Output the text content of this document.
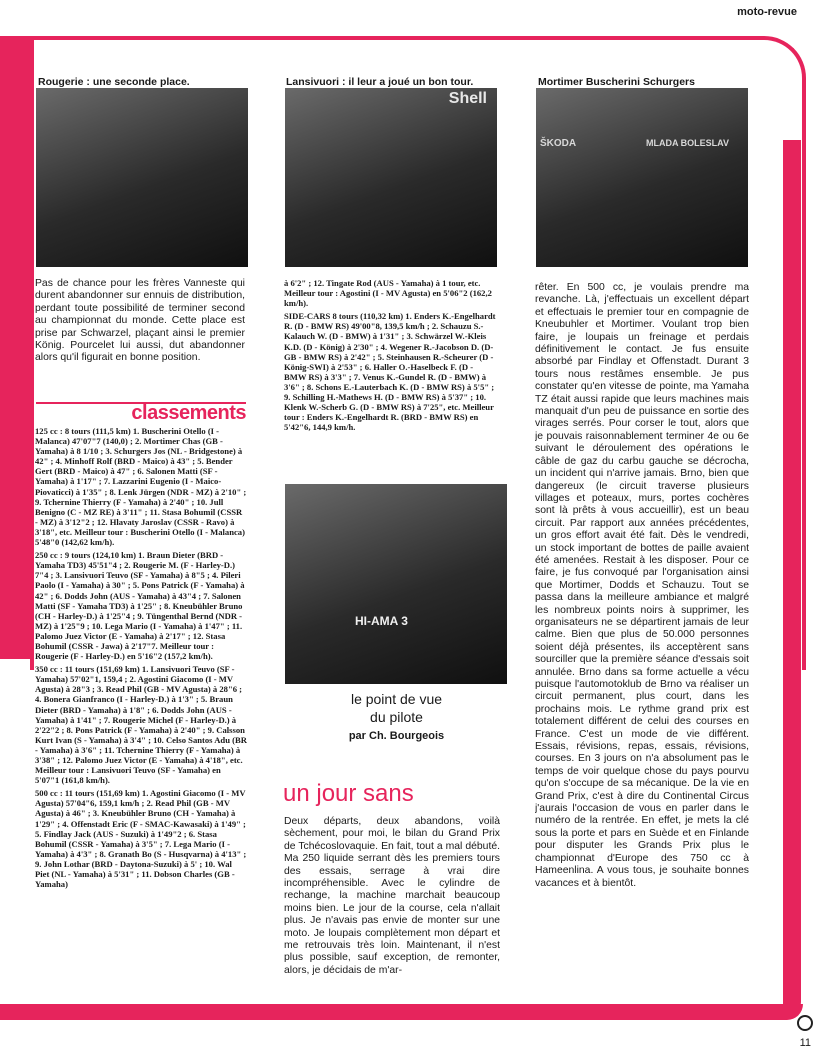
moto-revue
Rougerie : une seconde place.	Lansivuori : il leur a joué un bon tour.	Mortimer Buscherini Schurgers
Shell
ŠKODA	MLADA BOLESLAV
Pas de chance pour les frères Vanneste qui durent abandonner sur ennuis de distribution, perdant toute possibilité de terminer second au championnat du monde. Cette place est prise par Schwarzel, plaçant ainsi le premier König. Pourcelet lui aussi, dut abandonner alors qu'il figurait en bonne position.
classements

125 cc : 8 tours (111,5 km) 1. Buscherini Otello (I - Malanca) 47'07"7 (140,0) ; 2. Mortimer Chas (GB - Yamaha) à 8 1/10 ; 3. Schurgers Jos (NL - Bridgestone) à 42" ; 4. Minhoff Rolf (BRD - Maico) à 43" ; 5. Bender Gert (BRD - Maico) à 47" ; 6. Salonen Matti (SF - Yamaha) à 1'17" ; 7. Lazzarini Eugenio (I - Maico-Piovaticci) à 1'35" ; 8. Lenk Jürgen (NDR - MZ) à 2'10" ; 9. Tchernine Thierry (F - Yamaha) à 2'40" ; 10. Jull Benigno (C - MZ RE) à 3'11" ; 11. Stasa Bohumil (CSSR - MZ) à 3'12"2 ; 12. Hlavaty Jaroslav (CSSR - Ravo) à 3'18", etc. Meilleur tour : Buscherini Otello (I - Malanca) 5'48"0 (142,62 km/h).

250 cc : 9 tours (124,10 km) 1. Braun Dieter (BRD - Yamaha TD3) 45'51"4 ; 2. Rougerie M. (F - Harley-D.) 7"4 ; 3. Lansivuori Teuvo (SF - Yamaha) à 8"5 ; 4. Pileri Paolo (I - Yamaha) à 30" ; 5. Pons Patrick (F - Yamaha) à 42" ; 6. Dodds John (AUS - Yamaha) à 43"4 ; 7. Salonen Matti (SF - Yamaha TD3) à 1'25" ; 8. Kneubühler Bruno (CH - Harley-D.) à 1'25"4 ; 9. Tüngenthal Bernd (NDR - MZ) à 1'25"9 ; 10. Lega Mario (I - Yamaha) à 1'47" ; 11. Palomo Juez Victor (E - Yamaha) à 2'17" ; 12. Stasa Bohumil (CSSR - Jawa) à 2'17"7. Meilleur tour : Rougerie (F - Harley-D.) en 5'16"2 (157,2 km/h).

350 cc : 11 tours (151,69 km) 1. Lansivuori Teuvo (SF - Yamaha) 57'02"1, 159,4 ; 2. Agostini Giacomo (I - MV Agusta) à 28"3 ; 3. Read Phil (GB - MV Agusta) à 28"6 ; 4. Bonera Gianfranco (I - Harley-D.) à 1'3" ; 5. Braun Dieter (BRD - Yamaha) à 1'8" ; 6. Dodds John (AUS - Yamaha) à 1'41" ; 7. Rougerie Michel (F - Harley-D.) à 2'22"2 ; 8. Pons Patrick (F - Yamaha) à 2'40" ; 9. Calsson Kurt Ivan (S - Yamaha) à 3'4" ; 10. Celso Santos Adu (BR - Yamaha) à 3'6" ; 11. Tchernine Thierry (F - Yamaha) à 3'38" ; 12. Palomo Juez Victor (E - Yamaha) à 4'18", etc. Meilleur tour : Lansivuori Teuvo (SF - Yamaha) en 5'07"1 (161,8 km/h).

500 cc : 11 tours (151,69 km) 1. Agostini Giacomo (I - MV Agusta) 57'04"6, 159,1 km/h ; 2. Read Phil (GB - MV Agusta) à 46" ; 3. Kneubühler Bruno (CH - Yamaha) à 1'29" ; 4. Offenstadt Eric (F - SMAC-Kawasaki) à 1'49" ; 5. Findlay Jack (AUS - Suzuki) à 1'49"2 ; 6. Stasa Bohumil (CSSR - Yamaha) à 3'5" ; 7. Lega Mario (I - Yamaha) à 4'3" ; 8. Granath Bo (S - Husqvarna) à 4'13" ; 9. John Lothar (BRD - Daytona-Suzuki) à 5' ; 10. Wal Piet (NL - Yamaha) à 5'31" ; 11. Dobson Charles (GB - Yamaha)

à 6'2" ; 12. Tingate Rod (AUS - Yamaha) à 1 tour, etc. Meilleur tour : Agostini (I - MV Agusta) en 5'06"2 (162,2 km/h).

SIDE-CARS 8 tours (110,32 km) 1. Enders K.-Engelhardt R. (D - BMW RS) 49'00"8, 139,5 km/h ; 2. Schauzu S.-Kalauch W. (D - BMW) à 1'31" ; 3. Schwärzel W.-Kleis K.D. (D - König) à 2'30" ; 4. Wegener R.-Jacobson D. (D-GB - BMW RS) à 2'42" ; 5. Steinhausen R.-Scheurer (D - König-SWI) à 2'53" ; 6. Haller O.-Haselbeck F. (D - BMW RS) à 3'3" ; 7. Venus K.-Gundel R. (D - BMW) à 3'6" ; 8. Schons E.-Lauterbach K. (D - BMW RS) à 5'5" ; 9. Schilling H.-Mathews H. (D - BMW RS) à 5'37" ; 10. Klenk W.-Scherb G. (D - BMW RS) à 7'25", etc. Meilleur tour : Enders K.-Engelhardt R. (BRD - BMW RS) en 5'42"6, 144,9 km/h.

HI-AMA 3
le point de vue
du pilote
par Ch. Bourgeois
un jour sans
Deux départs, deux abandons, voilà sèchement, pour moi, le bilan du Grand Prix de Tchécoslovaquie. En fait, tout a mal débuté. Ma 250 liquide serrant dès les premiers tours des essais, serrage à vrai dire incompréhensible. Avec le cylindre de rechange, la machine marchait beaucoup moins bien. Le jour de la course, cela n'allait plus. Je n'avais pas envie de monter sur une moto. Je loupais complètement mon départ et me retrouvais très loin. Maintenant, il n'est plus possible, sauf exception, de remonter, alors, je décidais de m'ar-
rêter. En 500 cc, je voulais prendre ma revanche. Là, j'effectuais un excellent départ et effectuais le premier tour en compagnie de Kneubuhler et Mortimer. Voulant trop bien faire, je loupais un freinage et perdais définitivement le contact. Je fus ensuite absorbé par Findlay et Offenstadt. Durant 3 tours nous restâmes ensemble. Je pus constater qu'en vitesse de pointe, ma Yamaha TZ était aussi rapide que leurs machines mais manquait d'un peu de puissance en sortie des virages serrés. Pour corser le tout, alors que je pouvais raisonnablement terminer 4e ou 6e suivant le déroulement des opérations le câble de gaz du carbu gauche se décrocha, un incident qui n'arrive jamais. Brno, bien que dangereux (le circuit traverse plusieurs villages et poteaux, murs, portes cochères sont là prêts à vous accueillir), est un beau circuit. Par rapport aux années précédentes, un gros effort avait été fait. Dès le vendredi, un stock important de bottes de paille avaient été amenées. Restait à les disposer. Pour ce faire, je fus convoqué par l'organisation ainsi que Mortimer, Dodds et Schauzu. Tout se passa dans la meilleure ambiance et malgré les nombreux points noirs à supprimer, les organisateurs ne se départirent jamais de leur calme. Bien que plus de 50.000 personnes soient déjà présentes, ils acceptèrent sans sourciller que la première séance d'essais soit annulée. Brno dans sa forme actuelle a vécu puisque l'automotoklub de Brno va réaliser un circuit permanent, plus court, dans les prochains mois. Le rythme grand prix est totalement différent de celui des courses en France. C'est un mode de vie différent. Essais, révisions, repas, essais, révisions, courses. En 3 jours on n'a absolument pas le temps de voir quelque chose du pays pourvu qu'on s'occupe de sa mécanique. De la vie en Grand Prix, c'est à dire du Continental Circus j'aurais l'occasion de vous en parler dans le numéro de la rentrée. En effet, je mets la clé sous la porte et pars en Suède et en Finlande pour disputer les Grands Prix plus le championnat d'Europe des 750 cc à Hameenlina. A vous tous, je souhaite bonnes vacances et à bientôt.
11
